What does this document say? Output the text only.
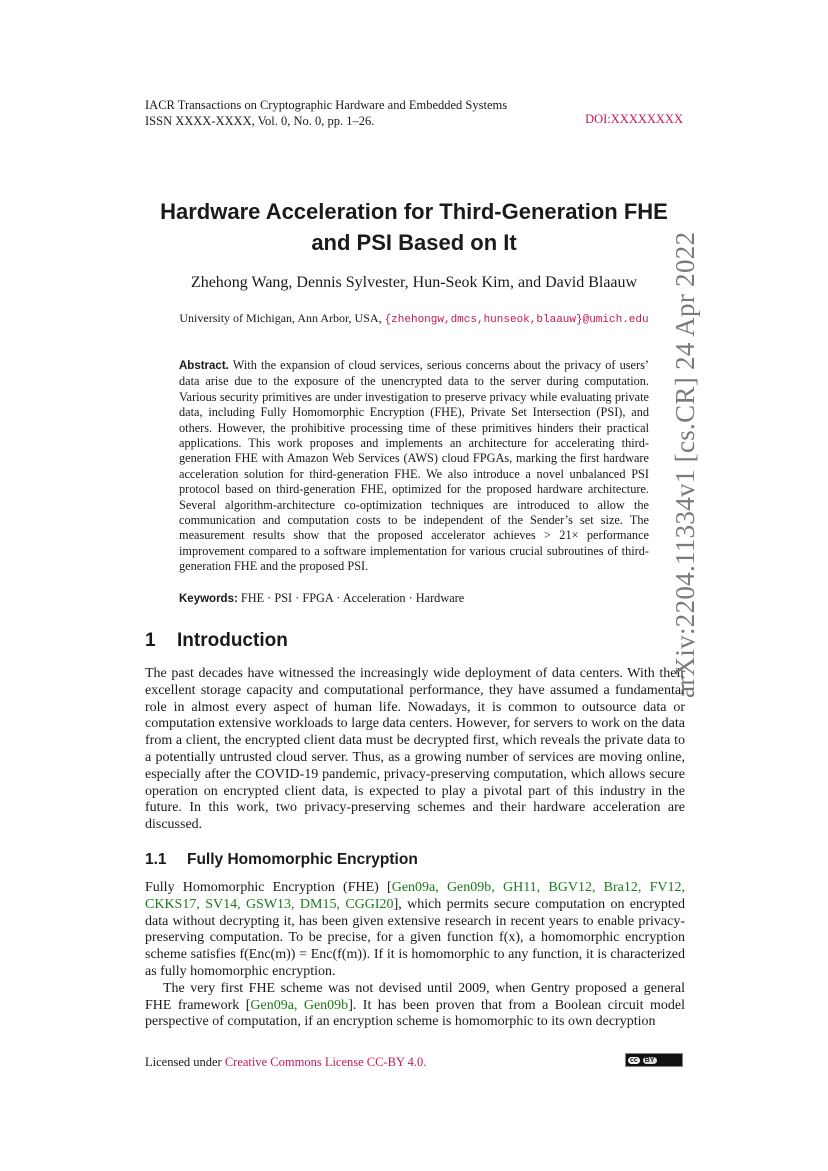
IACR Transactions on Cryptographic Hardware and Embedded Systems
ISSN XXXX-XXXX, Vol. 0, No. 0, pp. 1–26.	DOI:XXXXXXXX
Hardware Acceleration for Third-Generation FHE
and PSI Based on It
Zhehong Wang, Dennis Sylvester, Hun-Seok Kim, and David Blaauw
University of Michigan, Ann Arbor, USA, {zhehongw,dmcs,hunseok,blaauw}@umich.edu
Abstract. With the expansion of cloud services, serious concerns about the privacy of users’ data arise due to the exposure of the unencrypted data to the server during computation. Various security primitives are under investigation to preserve privacy while evaluating private data, including Fully Homomorphic Encryption (FHE), Private Set Intersection (PSI), and others. However, the prohibitive processing time of these primitives hinders their practical applications. This work proposes and implements an architecture for accelerating third-generation FHE with Amazon Web Services (AWS) cloud FPGAs, marking the first hardware acceleration solution for third-generation FHE. We also introduce a novel unbalanced PSI protocol based on third-generation FHE, optimized for the proposed hardware architecture. Several algorithm-architecture co-optimization techniques are introduced to allow the communication and computation costs to be independent of the Sender’s set size. The measurement results show that the proposed accelerator achieves > 21× performance improvement compared to a software implementation for various crucial subroutines of third-generation FHE and the proposed PSI.
Keywords: FHE · PSI · FPGA · Acceleration · Hardware
1 Introduction
The past decades have witnessed the increasingly wide deployment of data centers. With their excellent storage capacity and computational performance, they have assumed a fundamental role in almost every aspect of human life. Nowadays, it is common to outsource data or computation extensive workloads to large data centers. However, for servers to work on the data from a client, the encrypted client data must be decrypted first, which reveals the private data to a potentially untrusted cloud server. Thus, as a growing number of services are moving online, especially after the COVID-19 pandemic, privacy-preserving computation, which allows secure operation on encrypted client data, is expected to play a pivotal part of this industry in the future. In this work, two privacy-preserving schemes and their hardware acceleration are discussed.
1.1 Fully Homomorphic Encryption

Fully Homomorphic Encryption (FHE) [Gen09a, Gen09b, GH11, BGV12, Bra12, FV12, CKKS17, SV14, GSW13, DM15, CGGI20], which permits secure computation on encrypted data without decrypting it, has been given extensive research in recent years to enable privacy-preserving computation. To be precise, for a given function f(x), a homomorphic encryption scheme satisfies f(Enc(m)) = Enc(f(m)). If it is homomorphic to any function, it is characterized as fully homomorphic encryption.

The very first FHE scheme was not devised until 2009, when Gentry proposed a general FHE framework [Gen09a, Gen09b]. It has been proven that from a Boolean circuit model perspective of computation, if an encryption scheme is homomorphic to its own decryption

Licensed under Creative Commons License CC-BY 4.0.	cc BY
arXiv:2204.11334v1 [cs.CR] 24 Apr 2022
